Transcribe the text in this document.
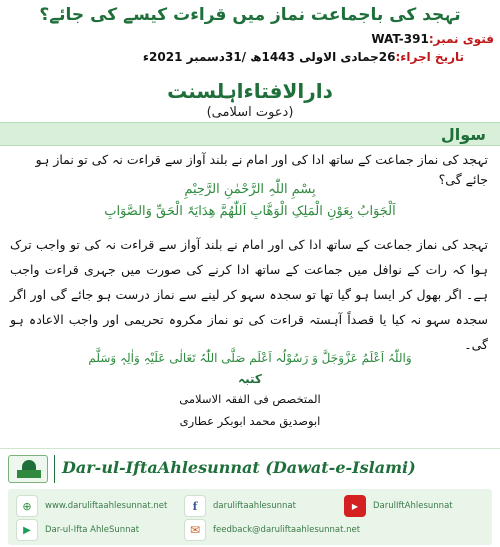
تہجد کی باجماعت نماز میں قراءت کیسے کی جائے؟
فتوی نمبر:WAT-391
تاریخ اجراء:26جمادی الاولی 1443ھ /31دسمبر 2021ء
دارالافتاءاہلسنت
(دعوت اسلامی)
سوال
تہجد کی نماز جماعت کے ساتھ ادا کی اور امام نے بلند آواز سے قراءت نہ کی تو نماز ہو جائے گی؟
بِسْمِ اللّٰہِ الرَّحْمٰنِ الرَّحِیْمِ
اَلْجَوَابُ بِعَوْنِ الْمَلِکِ الْوَھَّابِ اَللّٰھُمَّ ھِدَایَۃَ الْحَقِّ وَالصَّوَابِ
تہجد کی نماز جماعت کے ساتھ ادا کی اور امام نے بلند آواز سے قراءت نہ کی تو واجب ترک ہوا کہ رات کے نوافل میں جماعت کے ساتھ ادا کرنے کی صورت میں جہری قراءت واجب ہے۔ اگر بھول کر ایسا ہو گیا تھا تو سجدہ سہو کر لینے سے نماز درست ہو جائے گی اور اگر سجدہ سہو نہ کیا یا قصداً آہستہ قراءت کی تو نماز مکروہ تحریمی اور واجب الاعادہ ہو گی۔
وَاللّٰہُ اَعْلَمُ عَزَّوَجَلَّ وَ رَسُوْلُہ اَعْلَم صَلَّی اللّٰہُ تَعَالٰی عَلَیْہِ وَاٰلِہٖ وَسَلَّم
کتبہ
المتخصص فی الفقہ الاسلامی
ابوصدیق محمد ابوبکر عطاری
Dar-ul-IftaAhlesunnat (Dawat-e-Islami)
⊕	www.daruliftaahlesunnat.net	f	daruliftaahlesunnat	▶	DarulIftAhlesunnat
▶	Dar-ul-Ifta AhleSunnat	✉	feedback@daruliftaahlesunnat.net
